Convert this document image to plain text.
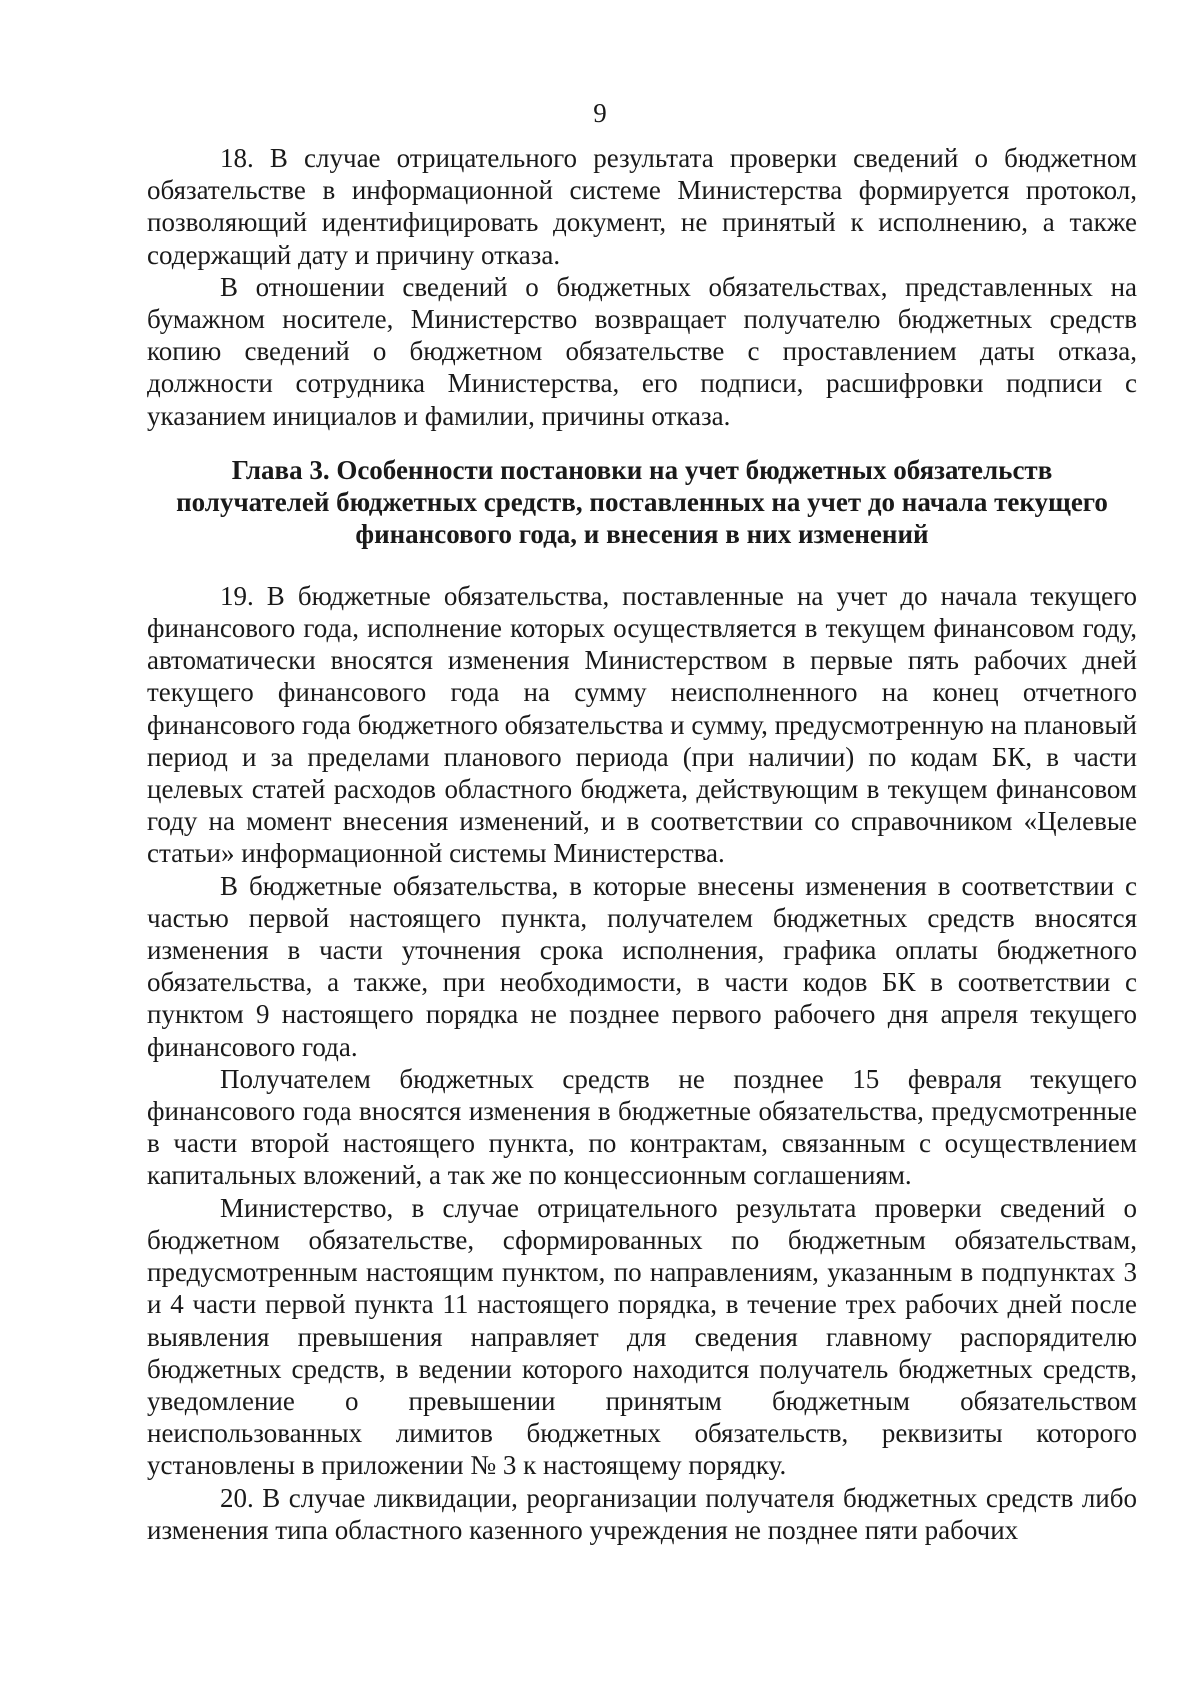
9

18. В случае отрицательного результата проверки сведений о бюджетном обязательстве в информационной системе Министерства формируется протокол, позволяющий идентифицировать документ, не принятый к исполнению, а также содержащий дату и причину отказа.

В отношении сведений о бюджетных обязательствах, представленных на бумажном носителе, Министерство возвращает получателю бюджетных средств копию сведений о бюджетном обязательстве с проставлением даты отказа, должности сотрудника Министерства, его подписи, расшифровки подписи с указанием инициалов и фамилии, причины отказа.

Глава 3. Особенности постановки на учет бюджетных обязательств
получателей бюджетных средств, поставленных на учет до начала текущего
финансового года, и внесения в них изменений

19. В бюджетные обязательства, поставленные на учет до начала текущего финансового года, исполнение которых осуществляется в текущем финансовом году, автоматически вносятся изменения Министерством в первые пять рабочих дней текущего финансового года на сумму неисполненного на конец отчетного финансового года бюджетного обязательства и сумму, предусмотренную на плановый период и за пределами планового периода (при наличии) по кодам БК, в части целевых статей расходов областного бюджета, действующим в текущем финансовом году на момент внесения изменений, и в соответствии со справочником «Целевые статьи» информационной системы Министерства.

В бюджетные обязательства, в которые внесены изменения в соответствии с частью первой настоящего пункта, получателем бюджетных средств вносятся изменения в части уточнения срока исполнения, графика оплаты бюджетного обязательства, а также, при необходимости, в части кодов БК в соответствии с пунктом 9 настоящего порядка не позднее первого рабочего дня апреля текущего финансового года.

Получателем бюджетных средств не позднее 15 февраля текущего финансового года вносятся изменения в бюджетные обязательства, предусмотренные в части второй настоящего пункта, по контрактам, связанным с осуществлением капитальных вложений, а так же по концессионным соглашениям.

Министерство, в случае отрицательного результата проверки сведений о бюджетном обязательстве, сформированных по бюджетным обязательствам, предусмотренным настоящим пунктом, по направлениям, указанным в подпунктах 3 и 4 части первой пункта 11 настоящего порядка, в течение трех рабочих дней после выявления превышения направляет для сведения главному распорядителю бюджетных средств, в ведении которого находится получатель бюджетных средств, уведомление о превышении принятым бюджетным обязательством неиспользованных лимитов бюджетных обязательств, реквизиты которого установлены в приложении № 3 к настоящему порядку.

20. В случае ликвидации, реорганизации получателя бюджетных средств либо изменения типа областного казенного учреждения не позднее пяти рабочих
